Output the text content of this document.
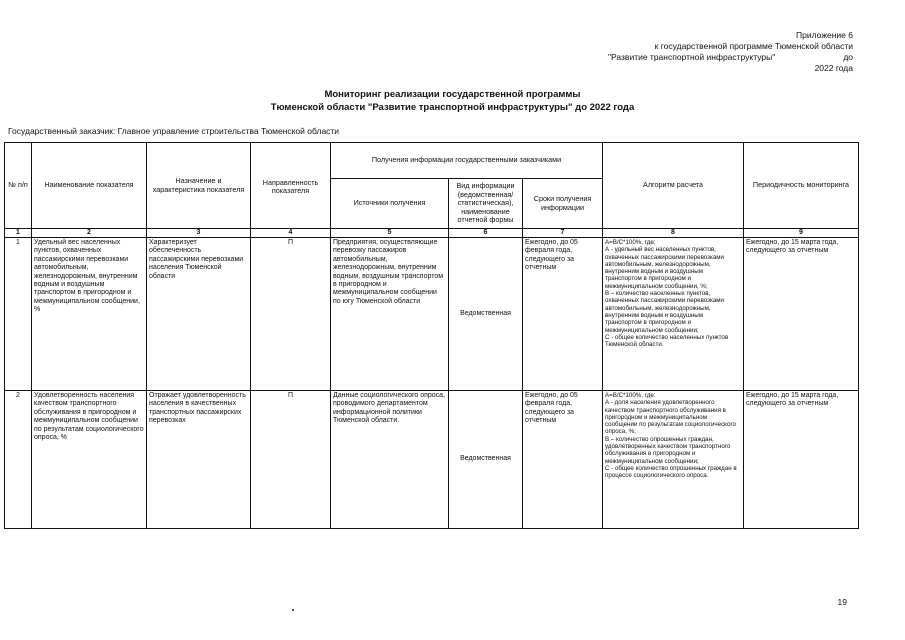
Приложение 6
к государственной программе Тюменской области
"Развитие транспортной инфраструктуры"	до
2022 года
Мониторинг реализации государственной программы
Тюменской области "Развитие транспортной инфраструктуры" до 2022 года
Государственный заказчик: Главное управление строительства Тюменской области
№ п/п	Наименование показателя	Назначение и характеристика показателя	Направленность показателя	Получения информации государственными заказчиками			Алгоритм расчета	Периодичность мониторинга
				Источники получения	Вид информации (ведомственная/ статистическая), наименование отчетной формы	Сроки получения информации		
1	2	3	4	5	6	7	8	9
1	Удельный вес населенных пунктов, охваченных пассажирскими перевозками автомобильным, железнодорожным, внутренним водным и воздушным транспортом в пригородном и межмуниципальном сообщении, %	Характеризует обеспеченность пассажирскими перевозками населения Тюменской области	П	Предприятия, осуществляющие перевозку пассажиров автомобильным, железнодорожным, внутренним водным, воздушным транспортом в пригородном и межмуниципальном сообщении по югу Тюменской области	Ведомственная	Ежегодно, до 05 февраля года, следующего за отчетным	А=В/С*100%, где:
А - удельный вес населенных пунктов, охваченных пассажирскими перевозками автомобильным, железнодорожным, внутренним водным и воздушным транспортом в пригородном и межмуниципальном сообщении, %;
В – количество населенных пунктов, охваченных пассажирскими перевозками автомобильным, железнодорожным, внутренним водным и воздушным транспортом в пригородном и межмуниципальном сообщении;
С - общее количество населенных пунктов Тюменской области.	Ежегодно, до 15 марта года, следующего за отчетным
2	Удовлетворенность населения качеством транспортного обслуживания в пригородном и межмуниципальном сообщении по результатам социологического опроса, %	Отражает удовлетворенность населения в качественных транспортных пассажирских перевозках	П	Данные социологического опроса, проводимого департаментом информационной политики Тюменской области.	Ведомственная	Ежегодно, до 05 февраля года, следующего за отчетным	А=В/С*100%, где:
А - доля населения удовлетворенного качеством транспортного обслуживания в пригородном и межмуниципальном сообщении по результатам социологического опроса, %;
В – количество опрошенных граждан, удовлетворенных качеством транспортного обслуживания в пригородном и межмуниципальном сообщении;
С - общее количество опрошенных граждан в процессе социологического опроса.	Ежегодно, до 15 марта года, следующего за отчетным
19
